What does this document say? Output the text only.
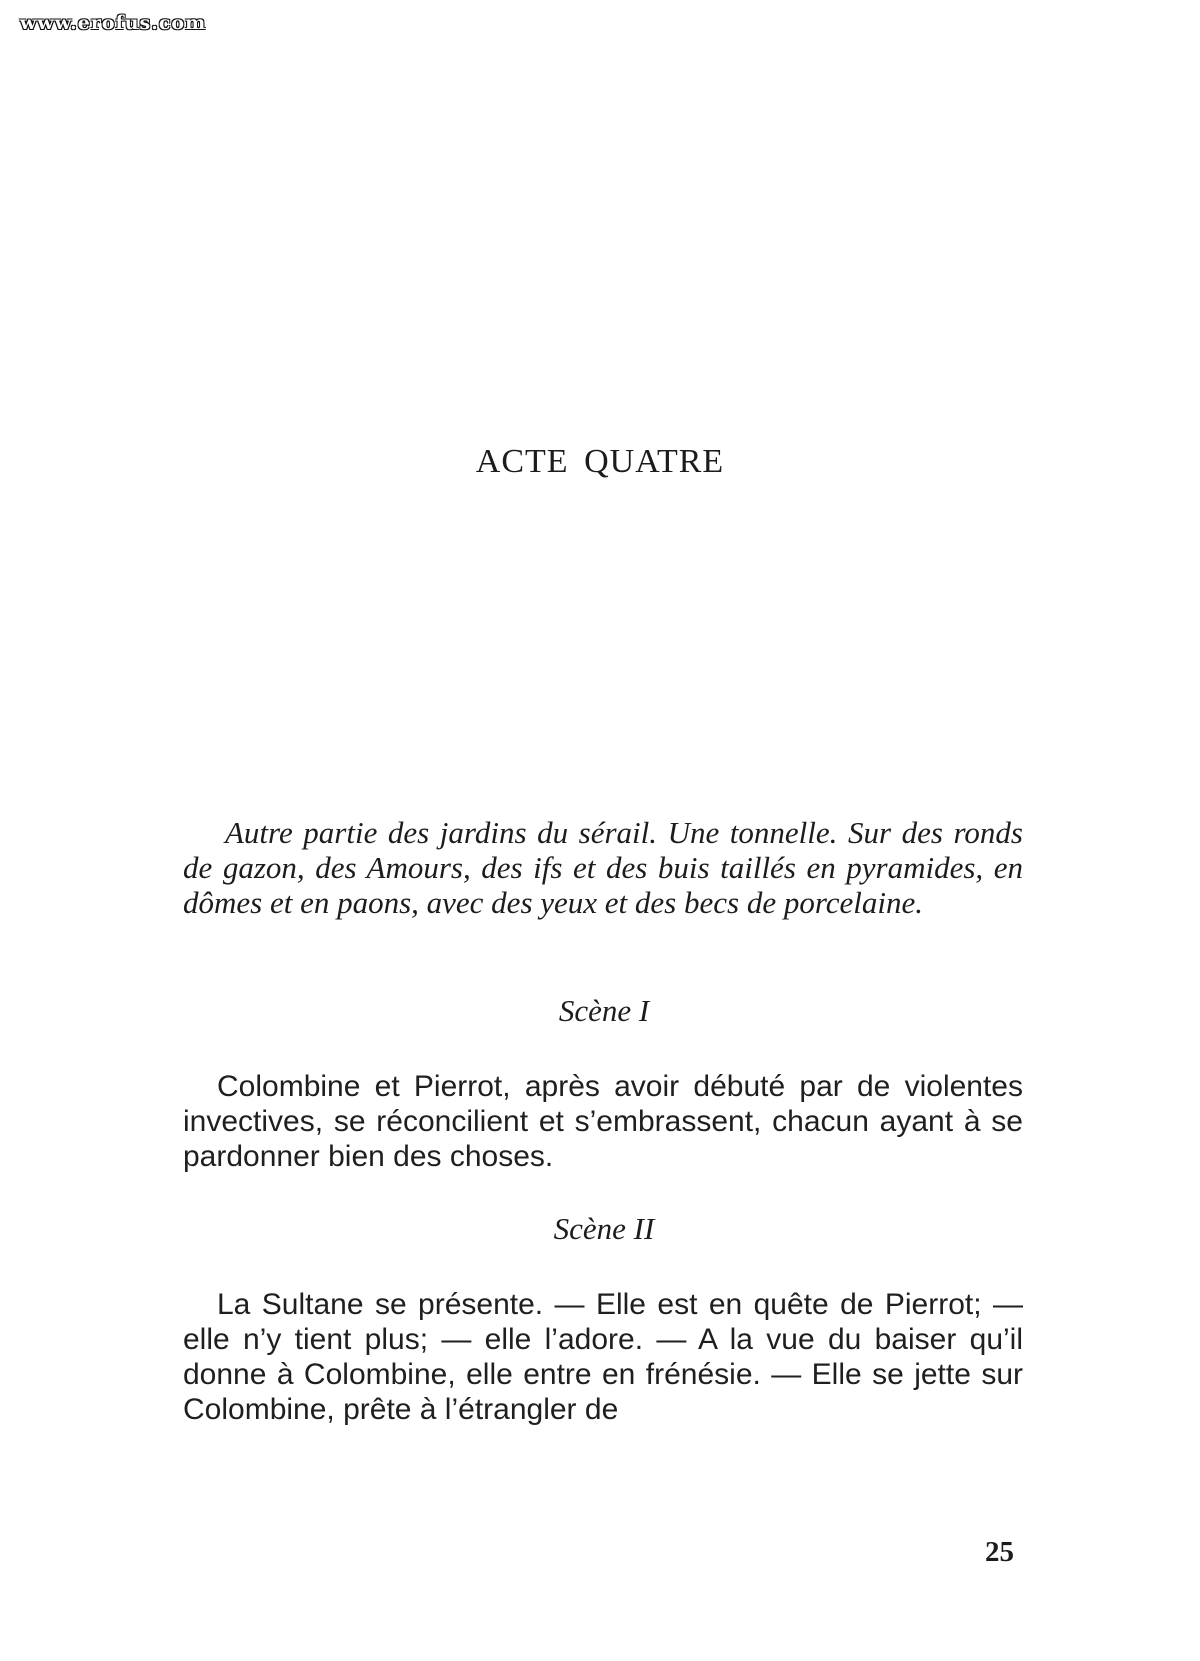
www.erofus.com
ACTE QUATRE

Autre partie des jardins du sérail. Une tonnelle. Sur des ronds de gazon, des Amours, des ifs et des buis taillés en pyramides, en dômes et en paons, avec des yeux et des becs de porcelaine.

Scène I

Colombine et Pierrot, après avoir débuté par de violentes invectives, se réconcilient et s’embrassent, chacun ayant à se pardonner bien des choses.

Scène II

La Sultane se présente. — Elle est en quête de Pierrot; — elle n’y tient plus; — elle l’adore. — A la vue du baiser qu’il donne à Colombine, elle entre en frénésie. — Elle se jette sur Colombine, prête à l’étrangler de

25
